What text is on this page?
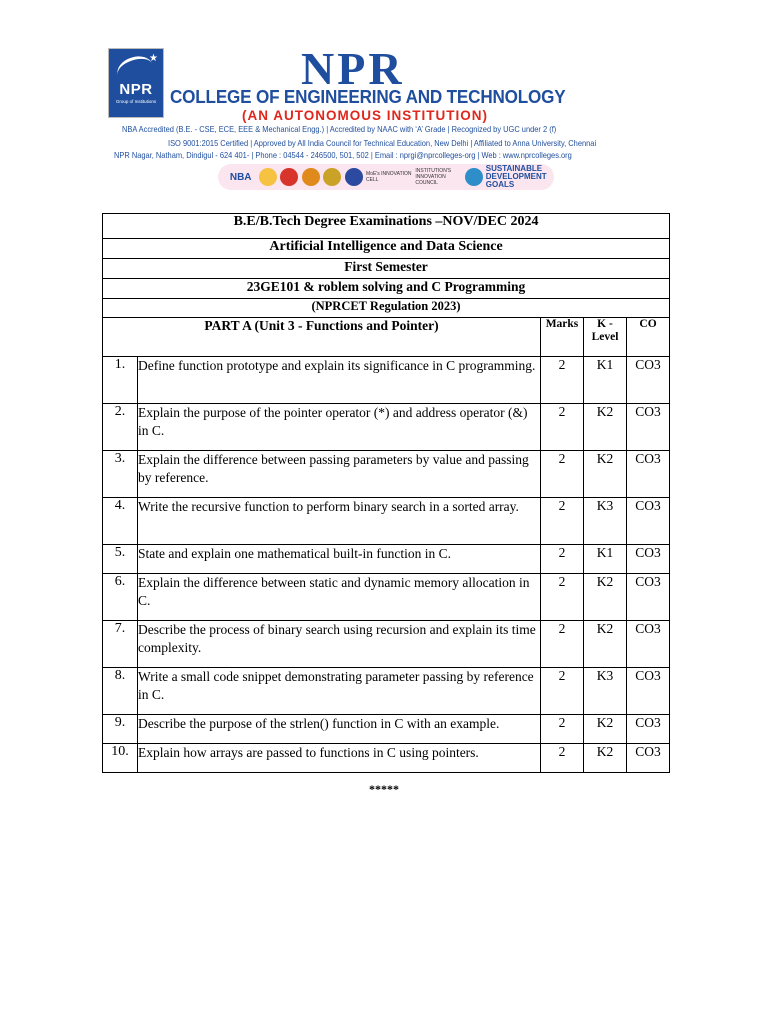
★
NPR
Group of Institutions
Reach the Star
NPR
COLLEGE OF ENGINEERING AND TECHNOLOGY
(AN AUTONOMOUS INSTITUTION)
NBA Accredited (B.E. - CSE, ECE, EEE & Mechanical Engg.) | Accredited by NAAC with ‘A’ Grade | Recognized by UGC under 2 (f)
ISO 9001:2015 Certified | Approved by All India Council for Technical Education, New Delhi | Affiliated to Anna University, Chennai
NPR Nagar, Natham, Dindigul - 624 401- | Phone : 04544 - 246500, 501, 502 | Email : nprgi@nprcolleges-org | Web : www.nprcolleges.org
NBA	MoE's INNOVATION CELL
INSTITUTION'S INNOVATION COUNCIL
SUSTAINABLE DEVELOPMENT GOALS
B.E/B.Tech Degree Examinations –NOV/DEC 2024				
Artificial Intelligence and Data Science				
First Semester				
23GE101 & roblem solving and C Programming				
(NPRCET Regulation 2023)				
PART A (Unit 3 - Functions and Pointer)		Marks	K - Level	CO
1.	Define function prototype and explain its significance in C programming.	2	K1	CO3
2.	Explain the purpose of the pointer operator (*) and address operator (&) in C.	2	K2	CO3
3.	Explain the difference between passing parameters by value and passing by reference.	2	K2	CO3
4.	Write the recursive function to perform binary search in a sorted array.	2	K3	CO3
5.	State and explain one mathematical built-in function in C.	2	K1	CO3
6.	Explain the difference between static and dynamic memory allocation in C.	2	K2	CO3
7.	Describe the process of binary search using recursion and explain its time complexity.	2	K2	CO3
8.	Write a small code snippet demonstrating parameter passing by reference in C.	2	K3	CO3
9.	Describe the purpose of the strlen() function in C with an example.	2	K2	CO3
10.	Explain how arrays are passed to functions in C using pointers.	2	K2	CO3
*****
